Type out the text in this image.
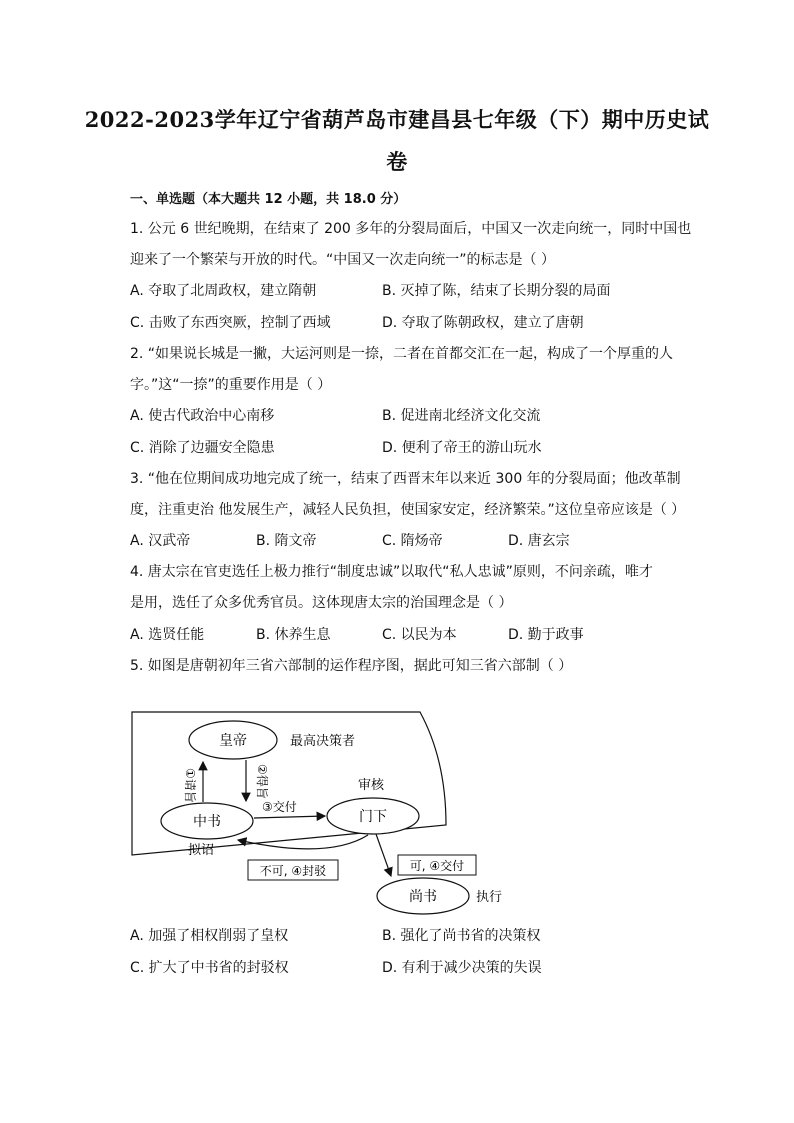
2022-2023学年辽宁省葫芦岛市建昌县七年级（下）期中历史试
卷
一、单选题（本大题共 12 小题，共 18.0 分）
1. 公元 6 世纪晚期，在结束了 200 多年的分裂局面后，中国又一次走向统一，同时中国也
迎来了一个繁荣与开放的时代。“中国又一次走向统一”的标志是（ ）
A. 夺取了北周政权，建立隋朝	B. 灭掉了陈，结束了长期分裂的局面
C. 击败了东西突厥，控制了西域	D. 夺取了陈朝政权，建立了唐朝
2. “如果说长城是一撇，大运河则是一捺，二者在首都交汇在一起，构成了一个厚重的人
字。”这“一捺”的重要作用是（ ）
A. 使古代政治中心南移	B. 促进南北经济文化交流
C. 消除了边疆安全隐患	D. 便利了帝王的游山玩水
3. “他在位期间成功地完成了统一，结束了西晋末年以来近 300 年的分裂局面；他改革制
度，注重吏治 他发展生产，减轻人民负担，使国家安定，经济繁荣。”这位皇帝应该是（ ）
A. 汉武帝	B. 隋文帝	C. 隋炀帝	D. 唐玄宗
4. 唐太宗在官吏选任上极力推行“制度忠诚”以取代“私人忠诚”原则，不问亲疏，唯才
是用，选任了众多优秀官员。这体现唐太宗的治国理念是（ ）
A. 选贤任能	B. 休养生息	C. 以民为本	D. 勤于政事
5. 如图是唐朝初年三省六部制的运作程序图，据此可知三省六部制（ ）
皇帝	最高决策者
中书	门下
审核
尚书	执行
①请旨	②得旨
③交付
拟诏
不可, ④封驳	可, ④交付
A. 加强了相权削弱了皇权	B. 强化了尚书省的决策权
C. 扩大了中书省的封驳权	D. 有利于减少决策的失误
